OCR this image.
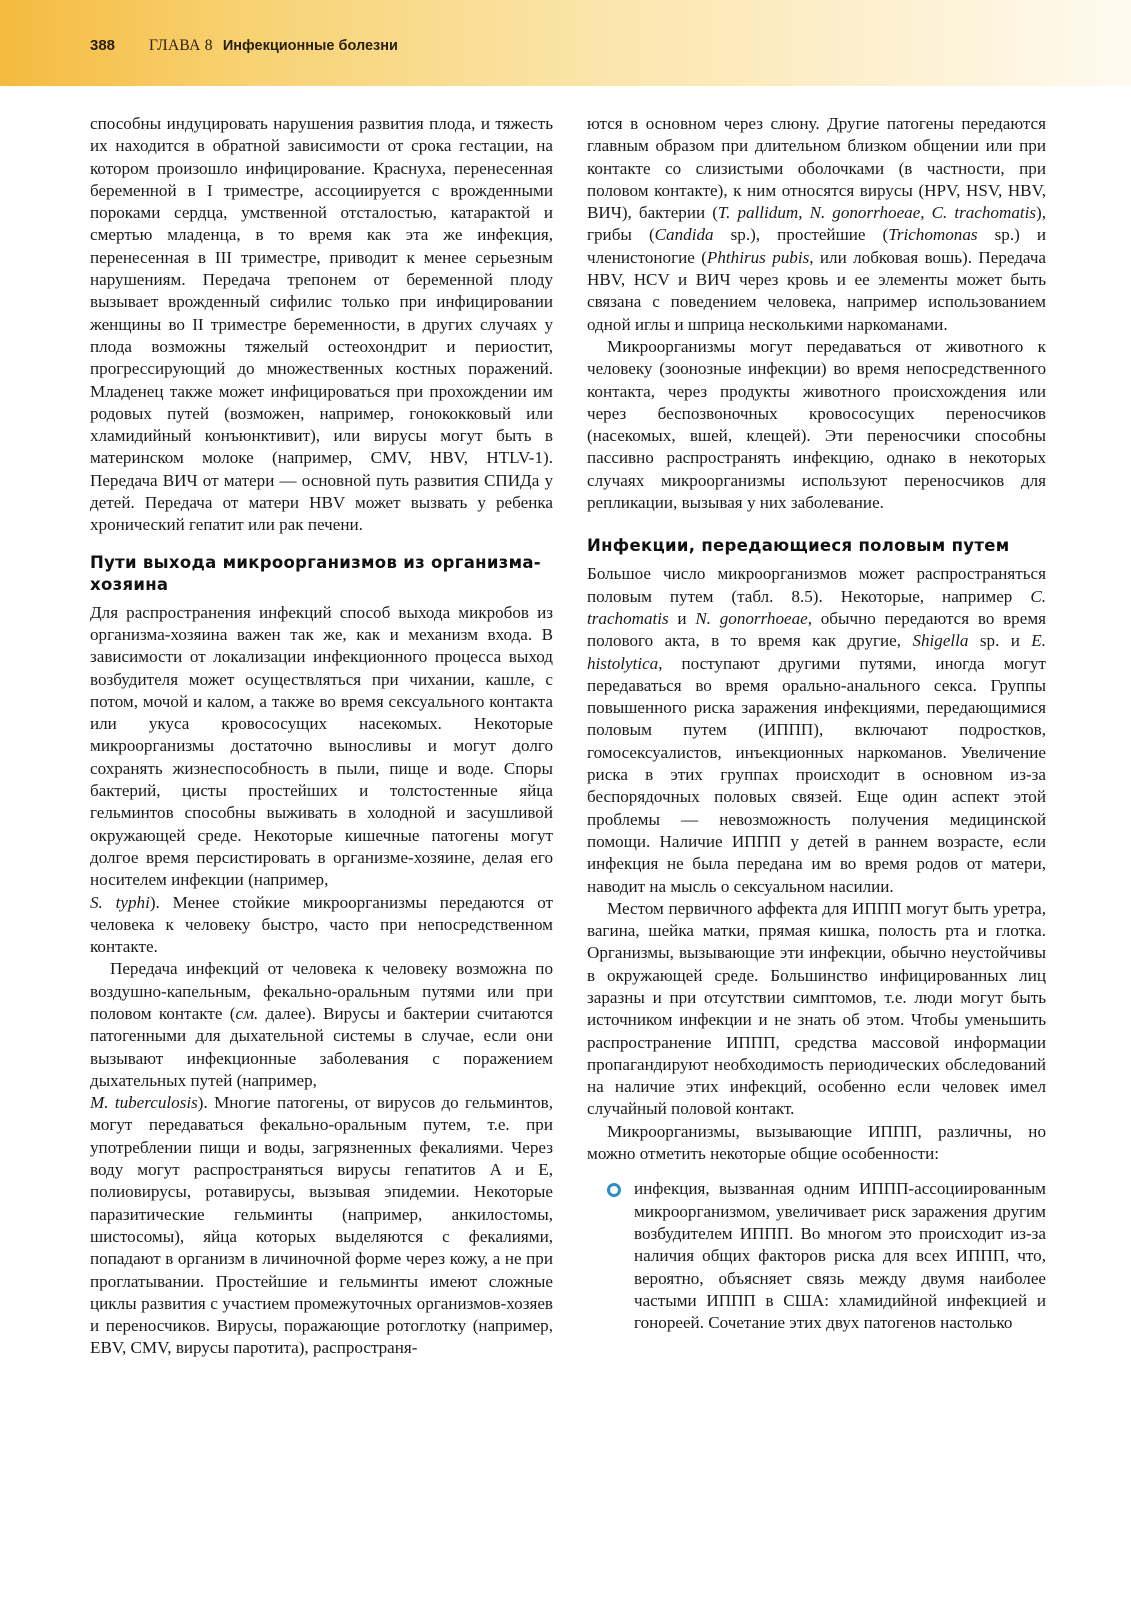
388 ГЛАВА 8 Инфекционные болезни

способны индуцировать нарушения развития плода, и тяжесть их находится в обратной зависимости от срока гестации, на котором произошло инфицирование. Краснуха, перенесенная беременной в I триместре, ассоциируется с врожденными пороками сердца, умственной отсталостью, катарактой и смертью младенца, в то время как эта же инфекция, перенесенная в III триместре, приводит к менее серьезным нарушениям. Передача трепонем от беременной плоду вызывает врожденный сифилис только при инфицировании женщины во II триместре беременности, в других случаях у плода возможны тяжелый остеохондрит и периостит, прогрессирующий до множественных костных поражений. Младенец также может инфицироваться при прохождении им родовых путей (возможен, например, гонококковый или хламидийный конъюнктивит), или вирусы могут быть в материнском молоке (например, CMV, HBV, HTLV-1). Передача ВИЧ от матери — основной путь развития СПИДа у детей. Передача от матери HBV может вызвать у ребенка хронический гепатит или рак печени.

Пути выхода микроорганизмов из организма-хозяина

Для распространения инфекций способ выхода микробов из организма-хозяина важен так же, как и механизм входа. В зависимости от локализации инфекционного процесса выход возбудителя может осуществляться при чихании, кашле, с потом, мочой и калом, а также во время сексуального контакта или укуса кровососущих насекомых. Некоторые микроорганизмы достаточно выносливы и могут долго сохранять жизнеспособность в пыли, пище и воде. Споры бактерий, цисты простейших и толстостенные яйца гельминтов способны выживать в холодной и засушливой окружающей среде. Некоторые кишечные патогены могут долгое время персистировать в организме-хозяине, делая его носителем инфекции (например,
S. typhi). Менее стойкие микроорганизмы передаются от человека к человеку быстро, часто при непосредственном контакте.

Передача инфекций от человека к человеку возможна по воздушно-капельным, фекально-оральным путями или при половом контакте (см. далее). Вирусы и бактерии считаются патогенными для дыхательной системы в случае, если они вызывают инфекционные заболевания с поражением дыхательных путей (например,
M. tuberculosis). Многие патогены, от вирусов до гельминтов, могут передаваться фекально-оральным путем, т.е. при употреблении пищи и воды, загрязненных фекалиями. Через воду могут распространяться вирусы гепатитов A и E, полиовирусы, ротавирусы, вызывая эпидемии. Некоторые паразитические гельминты (например, анкилостомы, шистосомы), яйца которых выделяются с фекалиями, попадают в организм в личиночной форме через кожу, а не при проглатывании. Простейшие и гельминты имеют сложные циклы развития с участием промежуточных организмов-хозяев и переносчиков. Вирусы, поражающие ротоглотку (например, EBV, CMV, вирусы паротита), распространя-

ются в основном через слюну. Другие патогены передаются главным образом при длительном близком общении или при контакте со слизистыми оболочками (в частности, при половом контакте), к ним относятся вирусы (HPV, HSV, HBV, ВИЧ), бактерии (T. pallidum, N. gonorrhoeae, C. trachomatis), грибы (Candida sp.), простейшие (Trichomonas sp.) и членистоногие (Phthirus pubis, или лобковая вошь). Передача HBV, HCV и ВИЧ через кровь и ее элементы может быть связана с поведением человека, например использованием одной иглы и шприца несколькими наркоманами.

Микроорганизмы могут передаваться от животного к человеку (зоонозные инфекции) во время непосредственного контакта, через продукты животного происхождения или через беспозвоночных кровососущих переносчиков (насекомых, вшей, клещей). Эти переносчики способны пассивно распространять инфекцию, однако в некоторых случаях микроорганизмы используют переносчиков для репликации, вызывая у них заболевание.

Инфекции, передающиеся половым путем

Большое число микроорганизмов может распространяться половым путем (табл. 8.5). Некоторые, например C. trachomatis и N. gonorrhoeae, обычно передаются во время полового акта, в то время как другие, Shigella sp. и E. histolytica, поступают другими путями, иногда могут передаваться во время орально-анального секса. Группы повышенного риска заражения инфекциями, передающимися половым путем (ИППП), включают подростков, гомосексуалистов, инъекционных наркоманов. Увеличение риска в этих группах происходит в основном из-за беспорядочных половых связей. Еще один аспект этой проблемы — невозможность получения медицинской помощи. Наличие ИППП у детей в раннем возрасте, если инфекция не была передана им во время родов от матери, наводит на мысль о сексуальном насилии.

Местом первичного аффекта для ИППП могут быть уретра, вагина, шейка матки, прямая кишка, полость рта и глотка. Организмы, вызывающие эти инфекции, обычно неустойчивы в окружающей среде. Большинство инфицированных лиц заразны и при отсутствии симптомов, т.е. люди могут быть источником инфекции и не знать об этом. Чтобы уменьшить распространение ИППП, средства массовой информации пропагандируют необходимость периодических обследований на наличие этих инфекций, особенно если человек имел случайный половой контакт.

Микроорганизмы, вызывающие ИППП, различны, но можно отметить некоторые общие особенности:

инфекция, вызванная одним ИППП-ассоциированным микроорганизмом, увеличивает риск заражения другим возбудителем ИППП. Во многом это происходит из-за наличия общих факторов риска для всех ИППП, что, вероятно, объясняет связь между двумя наиболее частыми ИППП в США: хламидийной инфекцией и гонореей. Сочетание этих двух патогенов настолько
